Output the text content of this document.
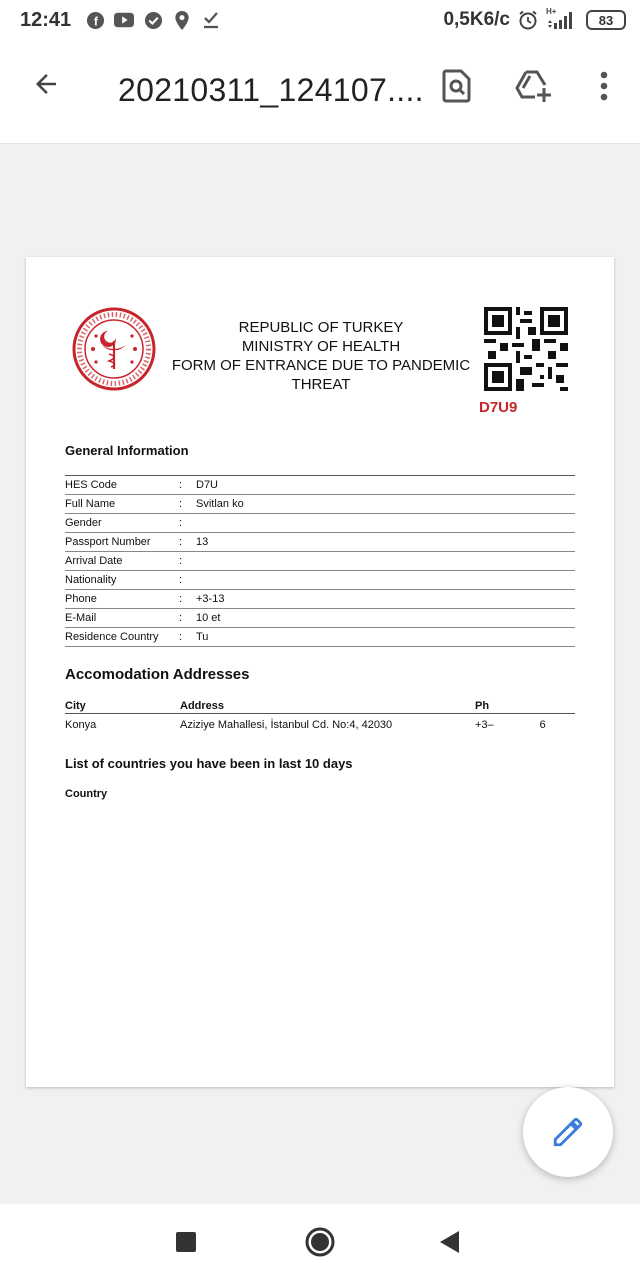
12:41 f	0,5K6/c	H+
83
20210311_124107....
REPUBLIC OF TURKEY
MINISTRY OF HEALTH
FORM OF ENTRANCE DUE TO PANDEMIC
THREAT
D7U9
General Information
HES Code	:	D7U
Full Name	:	Svitlan ko
Gender	:
Passport Number	:	13
Arrival Date	:
Nationality	:
Phone	:	+3-13
E-Mail	:	10 et
Residence Country	:	Tu
Accomodation Addresses
City	Address	Ph
Konya	Aziziye Mahallesi, İstanbul Cd. No:4, 42030	+3–               6
List of countries you have been in last 10 days
Country
